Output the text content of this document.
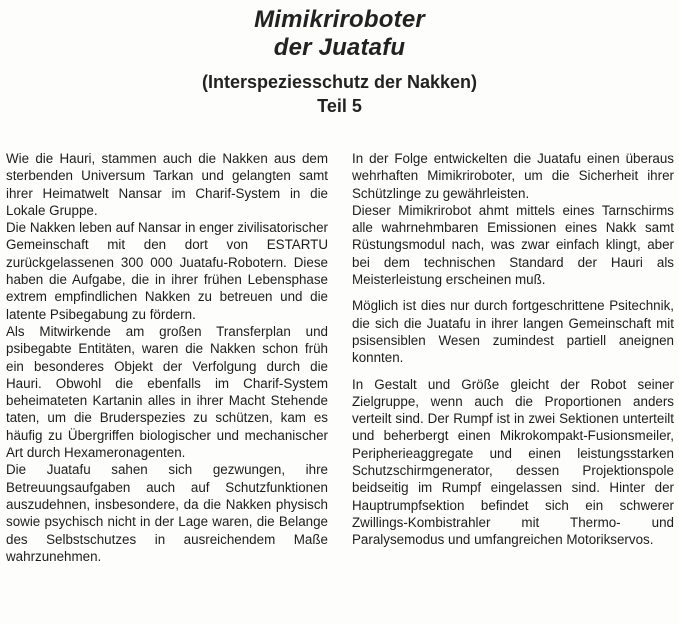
Mimikriroboter
der Juatafu
(Interspeziesschutz der Nakken)
Teil 5

Wie die Hauri, stammen auch die Nakken aus dem sterbenden Universum Tarkan und gelangten samt ihrer Heimatwelt Nansar im Charif-System in die Lokale Gruppe.

Die Nakken leben auf Nansar in enger zivilisatorischer Gemeinschaft mit den dort von ESTARTU zurückgelassenen 300 000 Juatafu-Robotern. Diese haben die Aufgabe, die in ihrer frühen Lebensphase extrem empfindlichen Nakken zu betreuen und die latente Psibegabung zu fördern.

Als Mitwirkende am großen Transferplan und psibegabte Entitäten, waren die Nakken schon früh ein besonderes Objekt der Verfolgung durch die Hauri. Obwohl die ebenfalls im Charif-System beheimateten Kartanin alles in ihrer Macht Stehende taten, um die Bruderspezies zu schützen, kam es häufig zu Übergriffen biologischer und mechanischer Art durch Hexameronagenten.

Die Juatafu sahen sich gezwungen, ihre Betreuungsaufgaben auch auf Schutzfunktionen auszudehnen, insbesondere, da die Nakken physisch sowie psychisch nicht in der Lage waren, die Belange des Selbstschutzes in ausreichendem Maße wahrzunehmen.

In der Folge entwickelten die Juatafu einen überaus wehrhaften Mimikriroboter, um die Sicherheit ihrer Schützlinge zu gewährleisten.

Dieser Mimikrirobot ahmt mittels eines Tarnschirms alle wahrnehmbaren Emissionen eines Nakk samt Rüstungsmodul nach, was zwar einfach klingt, aber bei dem technischen Standard der Hauri als Meisterleistung erscheinen muß.

Möglich ist dies nur durch fortgeschrittene Psitechnik, die sich die Juatafu in ihrer langen Gemeinschaft mit psisensiblen Wesen zumindest partiell aneignen konnten.

In Gestalt und Größe gleicht der Robot seiner Zielgruppe, wenn auch die Proportionen anders verteilt sind. Der Rumpf ist in zwei Sektionen unterteilt und beherbergt einen Mikrokompakt-Fusionsmeiler, Peripherieaggregate und einen leistungsstarken Schutzschirmgenerator, dessen Projektionspole beidseitig im Rumpf eingelassen sind. Hinter der Hauptrumpfsektion befindet sich ein schwerer Zwillings-Kombistrahler mit Thermo- und Paralysemodus und umfangreichen Motorikservos.
